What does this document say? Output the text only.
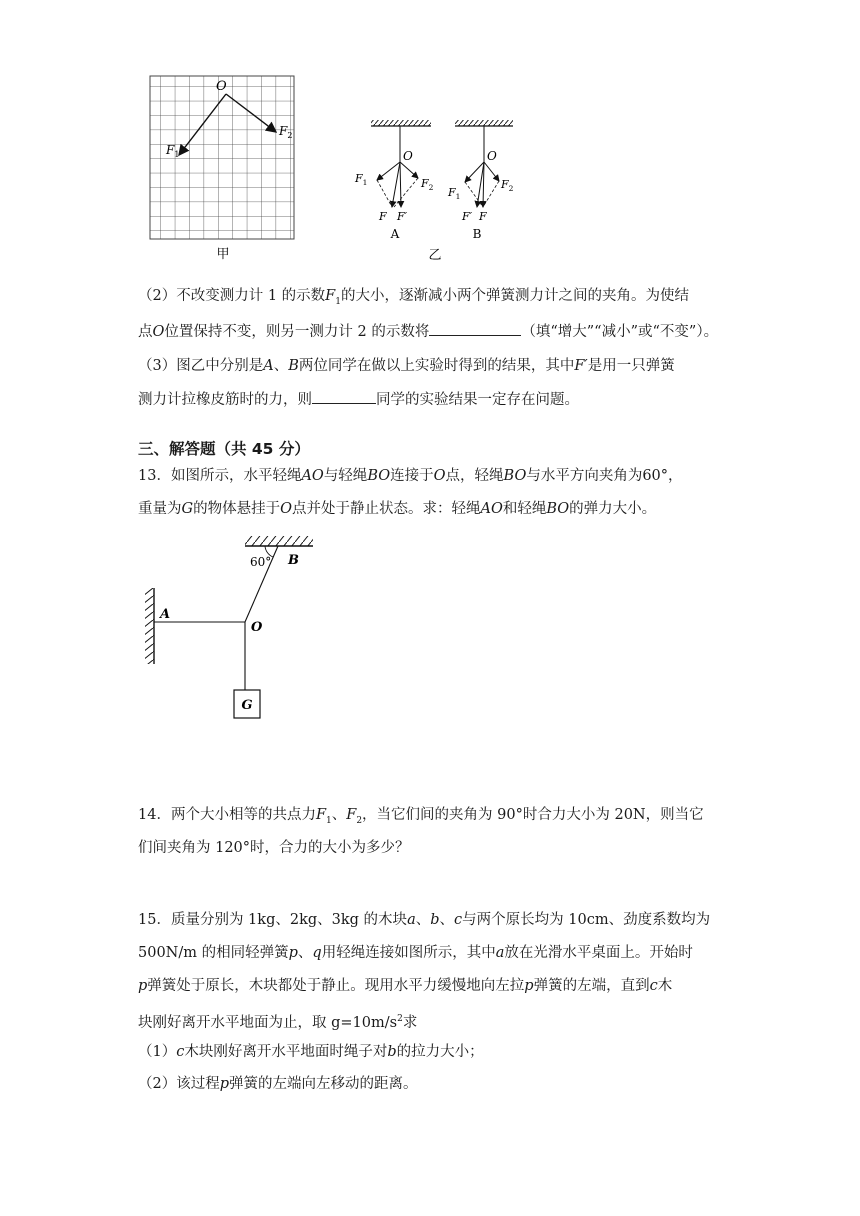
O
$F_1$
$F_2$
甲
O
$F_1$	$F_2$
F F′
A
O
$F_1$
$F_2$
F′ F
B
乙
（2）不改变测力计 1 的示数$F_1$的大小，逐渐减小两个弹簧测力计之间的夹角。为使结
点O位置保持不变，则另一测力计 2 的示数将	（填“增大”“减小”或“不变”）。
（3）图乙中分别是A、B两位同学在做以上实验时得到的结果，其中F′是用一只弹簧
测力计拉橡皮筋时的力，则	同学的实验结果一定存在问题。
三、解答题（共 45 分）
13．如图所示，水平轻绳AO与轻绳BO连接于O点，轻绳BO与水平方向夹角为60°，
重量为G的物体悬挂于O点并处于静止状态。求：轻绳AO和轻绳BO的弹力大小。
60° B
A
O
G
14．两个大小相等的共点力$F_1$、$F_2$，当它们间的夹角为 90°时合力大小为 20N，则当它
们间夹角为 120°时，合力的大小为多少？
15．质量分别为 1kg、2kg、3kg 的木块a、b、c与两个原长均为 10cm、劲度系数均为
500N/m 的相同轻弹簧p、q用轻绳连接如图所示，其中a放在光滑水平桌面上。开始时
p弹簧处于原长，木块都处于静止。现用水平力缓慢地向左拉p弹簧的左端，直到c木
块刚好离开水平地面为止，取 $g=10m/s^2$求
（1）c木块刚好离开水平地面时绳子对b的拉力大小；
（2）该过程p弹簧的左端向左移动的距离。
